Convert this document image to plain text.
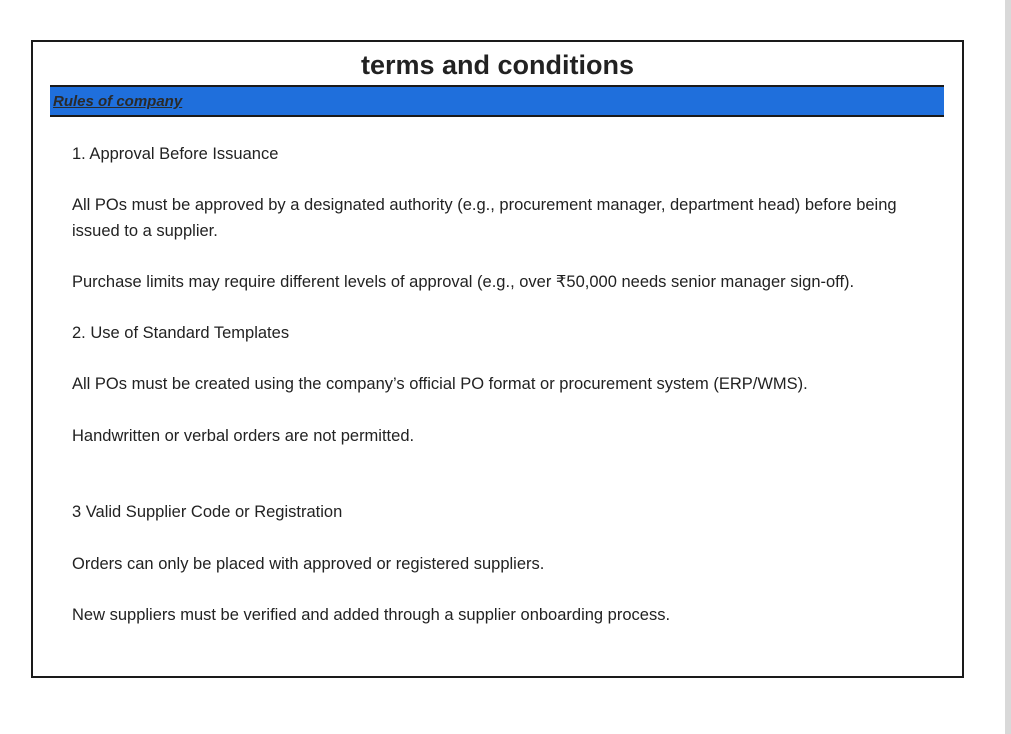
terms and conditions
Rules of company
1. Approval Before Issuance
All POs must be approved by a designated authority (e.g., procurement manager, department head) before being issued to a supplier.
Purchase limits may require different levels of approval (e.g., over ₹50,000 needs senior manager sign-off).
2. Use of Standard Templates
All POs must be created using the company’s official PO format or procurement system (ERP/WMS).
Handwritten or verbal orders are not permitted.
3 Valid Supplier Code or Registration
Orders can only be placed with approved or registered suppliers.
New suppliers must be verified and added through a supplier onboarding process.
